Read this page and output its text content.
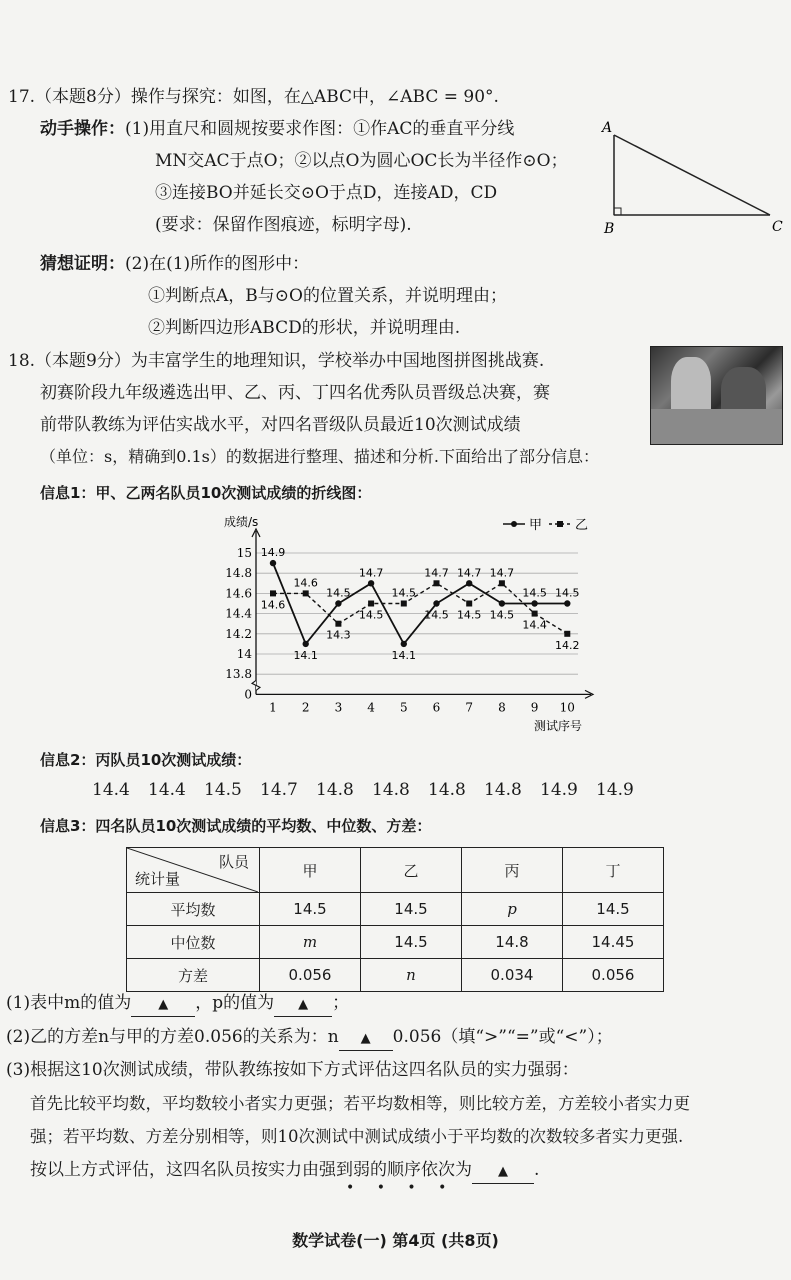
17.（本题8分）操作与探究：如图，在△ABC中，∠ABC = 90°.
动手操作：(1)用直尺和圆规按要求作图：①作AC的垂直平分线
MN交AC于点O；②以点O为圆心OC长为半径作⊙O；
③连接BO并延长交⊙O于点D，连接AD，CD
(要求：保留作图痕迹，标明字母).
猜想证明：(2)在(1)所作的图形中：
①判断点A，B与⊙O的位置关系，并说明理由；
②判断四边形ABCD的形状，并说明理由.
A
B	C
18.（本题9分）为丰富学生的地理知识，学校举办中国地图拼图挑战赛.
初赛阶段九年级遴选出甲、乙、丙、丁四名优秀队员晋级总决赛，赛
前带队教练为评估实战水平，对四名晋级队员最近10次测试成绩
（单位：s，精确到0.1s）的数据进行整理、描述和分析.下面给出了部分信息：
信息1：甲、乙两名队员10次测试成绩的折线图：
成绩/s
测试序号
甲	乙
0
13.8
14
14.2
14.4
14.6
14.8
15
1 2 3 4 5 6 7 8 9 10
14.9
14.6
14.6
14.1
14.5
14.3
14.7
14.5
14.1
14.5
14.7
14.5
14.7
14.5
14.7
14.5
14.5
14.4
14.5
14.2
信息2：丙队员10次测试成绩：
14.4 14.4 14.5 14.7 14.8 14.8 14.8 14.8 14.9 14.9
信息3：四名队员10次测试成绩的平均数、中位数、方差：
队员
统计量	甲	乙	丙	丁
平均数	14.5	14.5	p	14.5
中位数	m	14.5	14.8	14.45
方差	0.056	n	0.034	0.056
(1)表中m的值为 ▲ ，p的值为 ▲ ；
(2)乙的方差n与甲的方差0.056的关系为：n ▲ 0.056（填“>”“=”或“<”）；
(3)根据这10次测试成绩，带队教练按如下方式评估这四名队员的实力强弱：
首先比较平均数，平均数较小者实力更强；若平均数相等，则比较方差，方差较小者实力更
强；若平均数、方差分别相等，则10次测试中测试成绩小于平均数的次数较多者实力更强.
按以上方式评估，这四名队员按实力由强到弱的顺序依次为 ▲ .
• • • •
数学试卷(一) 第4页 (共8页)
